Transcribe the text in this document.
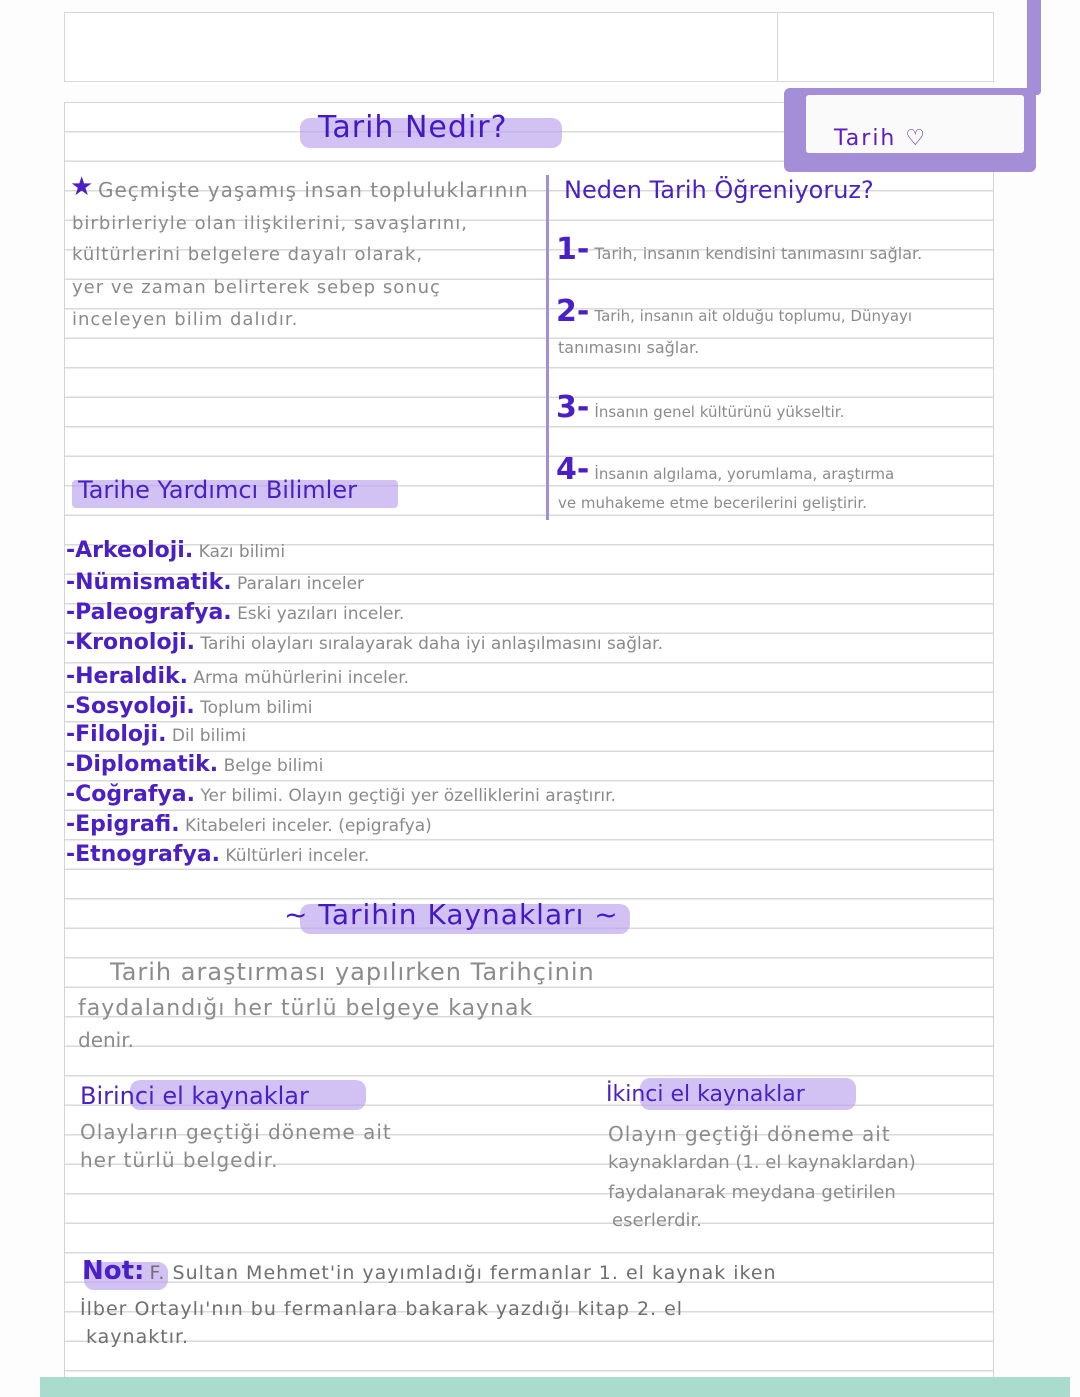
Tarih ♡
Tarih Nedir?
★ Geçmişte yaşamış insan topluluklarının
birbirleriyle olan ilişkilerini, savaşlarını,
kültürlerini belgelere dayalı olarak,
yer ve zaman belirterek sebep sonuç
inceleyen bilim dalıdır.
Neden Tarih Öğreniyoruz?
1- Tarih, insanın kendisini tanımasını sağlar.
2- Tarih, insanın ait olduğu toplumu, Dünyayı
tanımasını sağlar.
3- İnsanın genel kültürünü yükseltir.
4- İnsanın algılama, yorumlama, araştırma
ve muhakeme etme becerilerini geliştirir.
Tarihe Yardımcı Bilimler
-Arkeoloji. Kazı bilimi
-Nümismatik. Paraları inceler
-Paleografya. Eski yazıları inceler.
-Kronoloji. Tarihi olayları sıralayarak daha iyi anlaşılmasını sağlar.
-Heraldik. Arma mühürlerini inceler.
-Sosyoloji. Toplum bilimi
-Filoloji. Dil bilimi
-Diplomatik. Belge bilimi
-Coğrafya. Yer bilimi. Olayın geçtiği yer özelliklerini araştırır.
-Epigrafi. Kitabeleri inceler. (epigrafya)
-Etnografya. Kültürleri inceler.
~ Tarihin Kaynakları ~
Tarih araştırması yapılırken Tarihçinin
faydalandığı her türlü belgeye kaynak
denir.
Birinci el kaynaklar
Olayların geçtiği döneme ait
her türlü belgedir.
İkinci el kaynaklar
Olayın geçtiği döneme ait
kaynaklardan (1. el kaynaklardan)
faydalanarak meydana getirilen
eserlerdir.
Not: F. Sultan Mehmet'in yayımladığı fermanlar 1. el kaynak iken
İlber Ortaylı'nın bu fermanlara bakarak yazdığı kitap 2. el
kaynaktır.
